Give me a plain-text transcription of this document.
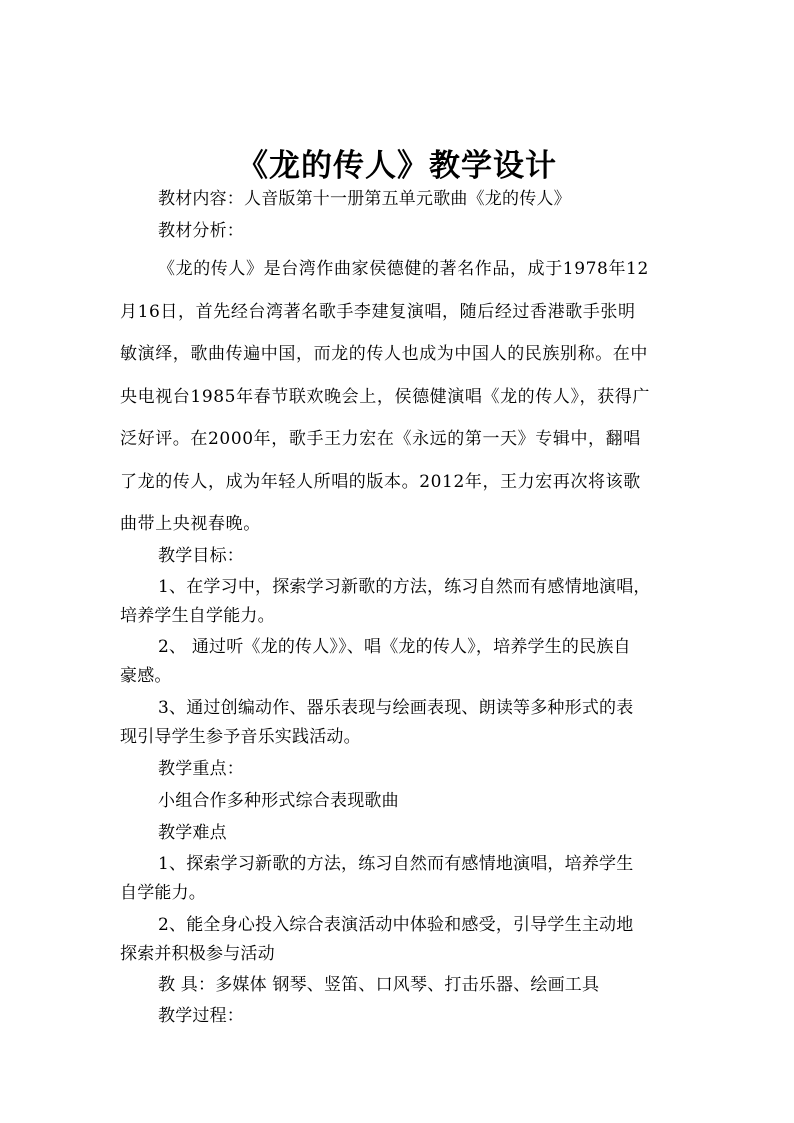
《龙的传人》教学设计
教材内容：人音版第十一册第五单元歌曲《龙的传人》
教材分析：
《龙的传人》是台湾作曲家侯德健的著名作品，成于1978年12
月16日，首先经台湾著名歌手李建复演唱，随后经过香港歌手张明
敏演绎，歌曲传遍中国，而龙的传人也成为中国人的民族别称。在中
央电视台1985年春节联欢晚会上，侯德健演唱《龙的传人》，获得广
泛好评。在2000年，歌手王力宏在《永远的第一天》专辑中，翻唱
了龙的传人，成为年轻人所唱的版本。2012年，王力宏再次将该歌
曲带上央视春晚。
教学目标：
1、在学习中，探索学习新歌的方法，练习自然而有感情地演唱，
培养学生自学能力。
2、 通过听《龙的传人》》、唱《龙的传人》，培养学生的民族自
豪感。
3、通过创编动作、器乐表现与绘画表现、朗读等多种形式的表
现引导学生参予音乐实践活动。
教学重点：
小组合作多种形式综合表现歌曲
教学难点
1、探索学习新歌的方法，练习自然而有感情地演唱，培养学生
自学能力。
2、能全身心投入综合表演活动中体验和感受，引导学生主动地
探索并积极参与活动
教 具：多媒体 钢琴、竖笛、口风琴、打击乐器、绘画工具
教学过程：
